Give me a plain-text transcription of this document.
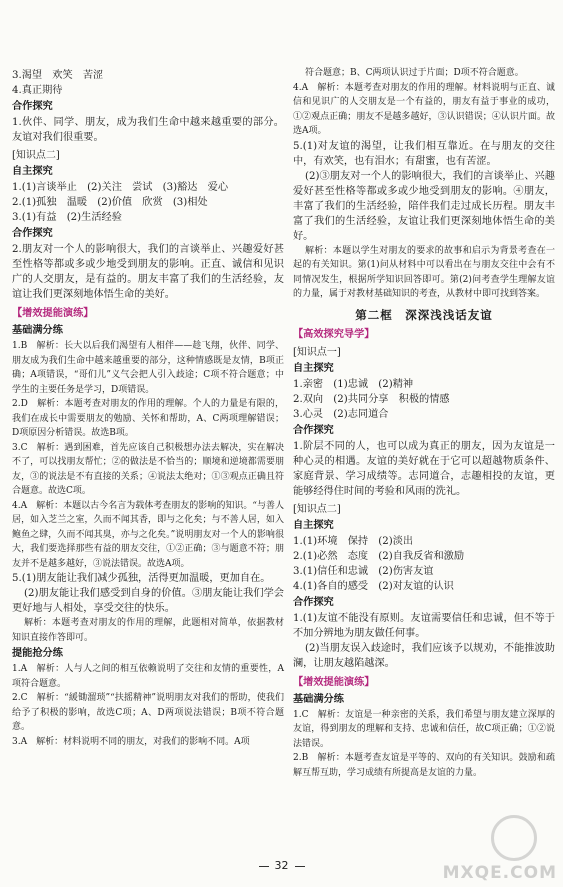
3.渴望　欢笑　苦涩

4.真正期待

合作探究

1.伙伴、同学、朋友，成为我们生命中越来越重要的部分。友谊对我们很重要。

[知识点二]

自主探究

1.(1)言谈举止　(2)关注　尝试　(3)豁达　爱心

2.(1)孤独　温暖　(2)价值　欣赏　(3)相处

3.(1)有益　(2)生活经验

合作探究

2.朋友对一个人的影响很大，我们的言谈举止、兴趣爱好甚至性格等都或多或少地受到朋友的影响。正直、诚信和见识广的人交朋友，是有益的。朋友丰富了我们的生活经验，友谊让我们更深刻地体悟生命的美好。

【增效提能演练】

基础满分练

1.B　解析：长大以后我们渴望有人相伴——趁飞翔，伙伴、同学、朋友成为我们生命中越来越重要的部分，这种情感既是友情，B项正确；A项错误，“哥们儿”义气会把人引入歧途；C项不符合题意；中学生的主要任务是学习，D项错误。

2.D　解析：本题考查对朋友的作用的理解。个人的力量是有限的，我们在成长中需要朋友的勉励、关怀和帮助，A、C两项理解错误；D项原因分析错误。故选B项。

3.C　解析：遇到困难，首先应该自己积极想办法去解决，实在解决不了，可以找朋友帮忙；②的做法是不恰当的；顺境和逆境都需要朋友，③的说法是不有直接的关系；④说法太绝对；①③观点正确且符合题意。故选C项。

4.A　解析：本题以古今名言为载体考查朋友的影响的知识。“与善人居，如入芝兰之室，久而不闻其香，即与之化矣；与不善人居，如入鲍鱼之肆，久而不闻其臭，亦与之化矣。”说明朋友对一个人的影响很大，我们要选择那些有益的朋友交往，①②正确；③与题意不符；朋友并不是越多越好，③说法错误。故选A项。

5.(1)朋友能让我们减少孤独，活得更加温暖，更加自在。

(2)朋友能让我们感受到自身的价值。③朋友能让我们学会更好地与人相处，享受交往的快乐。

解析：本题考查对朋友的作用的理解，此题相对简单，依据教材知识直接作答即可。

提能抢分练

1.A　解析：人与人之间的相互依赖说明了交往和友情的重要性，A项符合题意。

2.C　解析：“緩锄溜琐”“扶摇精神”说明朋友对我们的帮助，使我们给予了积极的影响，故选C项；A、D两项说法错误；B项不符合题意。

3.A　解析：材料说明不同的朋友，对我们的影响不同。A项

符合题意；B、C两项认识过于片面；D项不符合题意。

4.A　解析：本题考查对朋友的作用的理解。材料说明与正直、诚信和见识广的人交朋友是一个有益的，朋友有益于事业的成功，①②观点正确；朋友不是越多越好，③认识错误；④认识片面。故选A项。

5.(1)对友谊的渴望，让我们相互靠近。在与朋友的交往中，有欢笑，也有泪水；有甜蜜，也有苦涩。

(2)③朋友对一个人的影响很大，我们的言谈举止、兴趣爱好甚至性格等都或多或少地受到朋友的影响。④朋友，丰富了我们的生活经验，陪伴我们走过成长历程。朋友丰富了我们的生活经验，友谊让我们更深刻地体悟生命的美好。

解析：本题以学生对朋友的要求的故事和启示为背景考查在一起的有关知识。第(1)问从材料中可以看出在与朋友交往中会有不同情况发生，根据所学知识回答即可。第(2)问考查学生理解友谊的力量，属于对教材基础知识的考查，从教材中即可找到答案。

第二框　深深浅浅话友谊

【高效探究导学】

[知识点一]

自主探究

1.亲密　(1)忠诚　(2)精神

2.双向　(2)共同分享　积极的情感

3.心灵　(2)志同道合

合作探究

1.阶层不同的人，也可以成为真正的朋友，因为友谊是一种心灵的相遇。友谊的美好就在于它可以超越物质条件、家庭背景、学习成绩等。志同道合，志趣相投的友谊，更能够经得住时间的考验和风雨的洗礼。

[知识点二]

自主探究

1.(1)环境　保持　(2)淡出

2.(1)必然　态度　(2)自我反省和激励

3.(1)信任和忠诚　(2)伤害友谊

4.(1)各自的感受　(2)对友谊的认识

合作探究

1.(1)友谊不能没有原则。友谊需要信任和忠诚，但不等于不加分辨地为朋友做任何事。

(2)当朋友误入歧途时，我们应该予以规劝，不能推波助澜，让朋友越陷越深。

【增效提能演练】

基础满分练

1.C　解析：友谊是一种亲密的关系，我们希望与朋友建立深厚的友谊，得到朋友的理解和支持、忠诚和信任，故C项正确；①②说法错误。

2.B　解析：本题考查友谊是平等的、双向的有关知识。鼓励和疏解互帮互助，学习成绩有所提高是友谊的力量。

32	MXQE.COM
